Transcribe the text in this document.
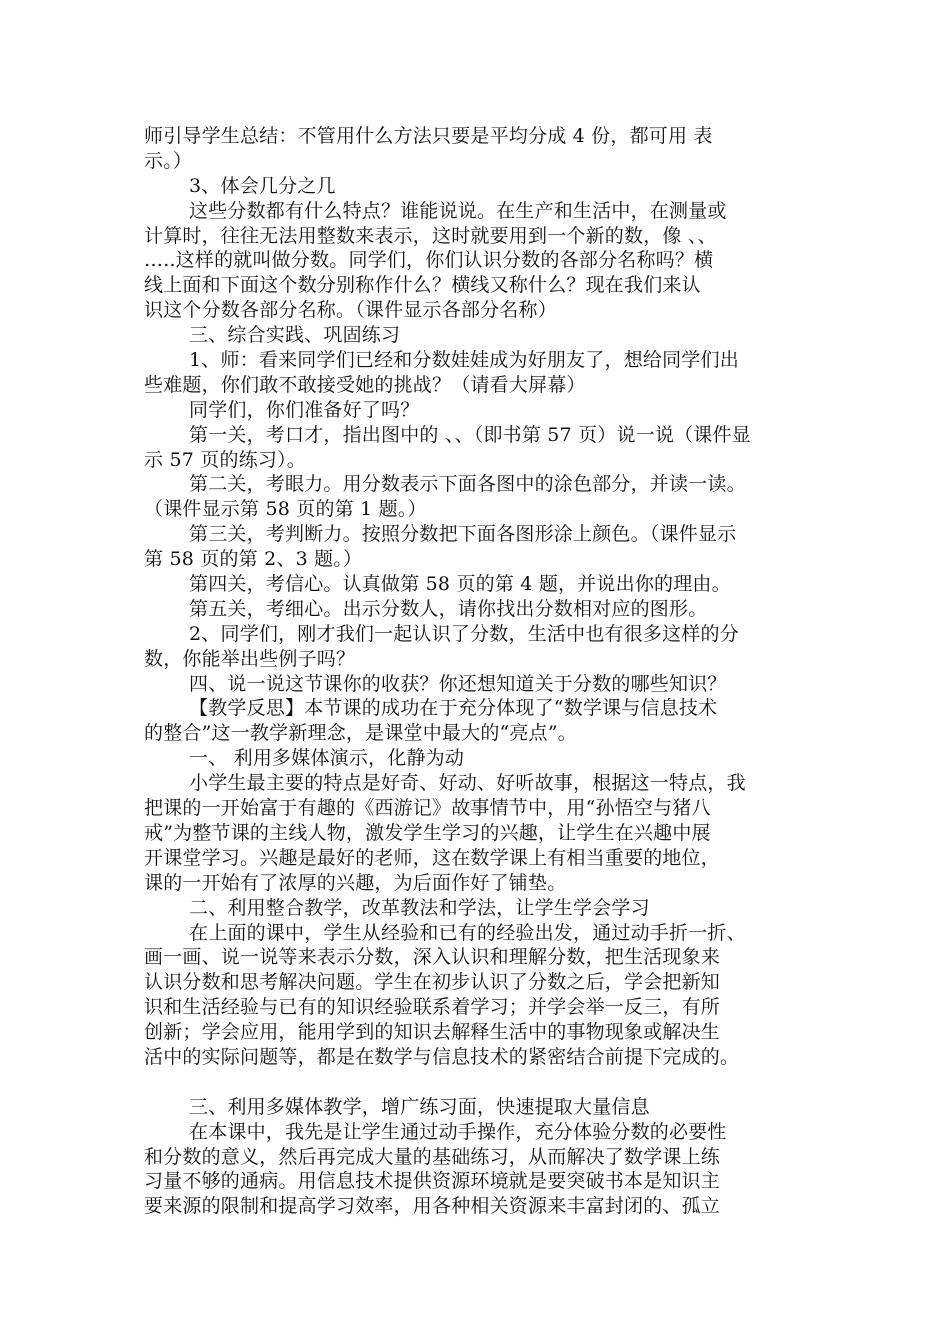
师引导学生总结：不管用什么方法只要是平均分成 4 份，都可用 表
示。）
3、体会几分之几
这些分数都有什么特点？谁能说说。在生产和生活中，在测量或
计算时，往往无法用整数来表示，这时就要用到一个新的数，像 、、
…..这样的就叫做分数。同学们，你们认识分数的各部分名称吗？横
线上面和下面这个数分别称作什么？横线又称什么？现在我们来认
识这个分数各部分名称。（课件显示各部分名称）
三、综合实践、巩固练习
1、师：看来同学们已经和分数娃娃成为好朋友了，想给同学们出
些难题，你们敢不敢接受她的挑战？（请看大屏幕）
同学们，你们准备好了吗？
第一关，考口才，指出图中的 、、（即书第 57 页）说一说（课件显
示 57 页的练习）。
第二关，考眼力。用分数表示下面各图中的涂色部分，并读一读。
（课件显示第 58 页的第 1 题。）
第三关，考判断力。按照分数把下面各图形涂上颜色。（课件显示
第 58 页的第 2、3 题。）
第四关，考信心。认真做第 58 页的第 4 题，并说出你的理由。
第五关，考细心。出示分数人，请你找出分数相对应的图形。
2、同学们，刚才我们一起认识了分数，生活中也有很多这样的分
数，你能举出些例子吗？
四、说一说这节课你的收获？你还想知道关于分数的哪些知识？
【教学反思】本节课的成功在于充分体现了“数学课与信息技术
的整合”这一教学新理念，是课堂中最大的“亮点”。
一、 利用多媒体演示，化静为动
小学生最主要的特点是好奇、好动、好听故事，根据这一特点，我
把课的一开始富于有趣的《西游记》故事情节中，用“孙悟空与猪八
戒”为整节课的主线人物，激发学生学习的兴趣，让学生在兴趣中展
开课堂学习。兴趣是最好的老师，这在数学课上有相当重要的地位，
课的一开始有了浓厚的兴趣，为后面作好了铺垫。
二、利用整合教学，改革教法和学法，让学生学会学习
在上面的课中，学生从经验和已有的经验出发，通过动手折一折、
画一画、说一说等来表示分数，深入认识和理解分数，把生活现象来
认识分数和思考解决问题。学生在初步认识了分数之后，学会把新知
识和生活经验与已有的知识经验联系着学习；并学会举一反三，有所
创新；学会应用，能用学到的知识去解释生活中的事物现象或解决生
活中的实际问题等，都是在数学与信息技术的紧密结合前提下完成的。
三、利用多媒体教学，增广练习面，快速提取大量信息
在本课中，我先是让学生通过动手操作，充分体验分数的必要性
和分数的意义，然后再完成大量的基础练习，从而解决了数学课上练
习量不够的通病。用信息技术提供资源环境就是要突破书本是知识主
要来源的限制和提高学习效率，用各种相关资源来丰富封闭的、孤立
